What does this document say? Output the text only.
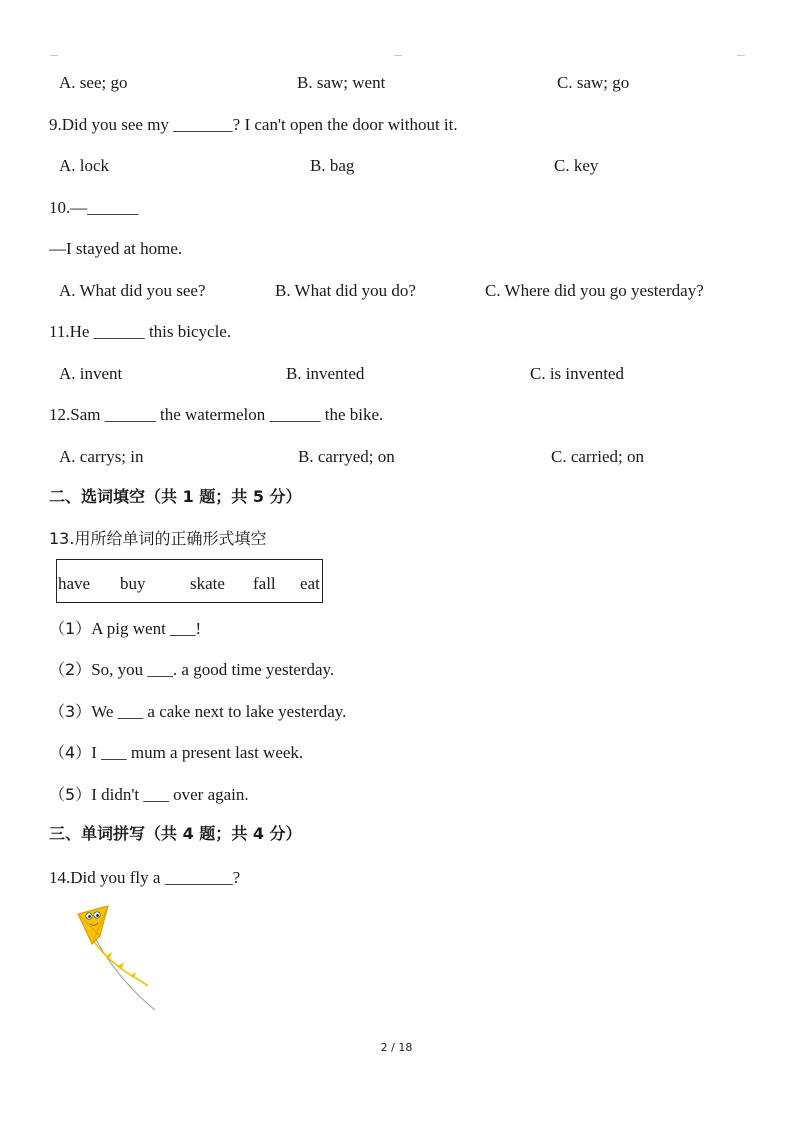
A. see; go	B. saw; went	C. saw; go
9.Did you see my _______? I can't open the door without it.
A. lock	B. bag	C. key
10.—______
—I stayed at home.
A. What did you see?	B. What did you do?	C. Where did you go yesterday?
11.He ______ this bicycle.
A. invent	B. invented	C. is invented
12.Sam ______ the watermelon ______ the bike.
A. carrys; in	B. carryed; on	C. carried; on
二、选词填空（共 1 题；共 5 分）
13.用所给单词的正确形式填空
have buy	skate fall eat
（1）A pig went ___!
（2）So, you ___. a good time yesterday.
（3）We ___ a cake next to lake yesterday.
（4）I ___ mum a present last week.
（5）I didn't ___ over again.
三、单词拼写（共 4 题；共 4 分）
14.Did you fly a ________?
2 / 18
